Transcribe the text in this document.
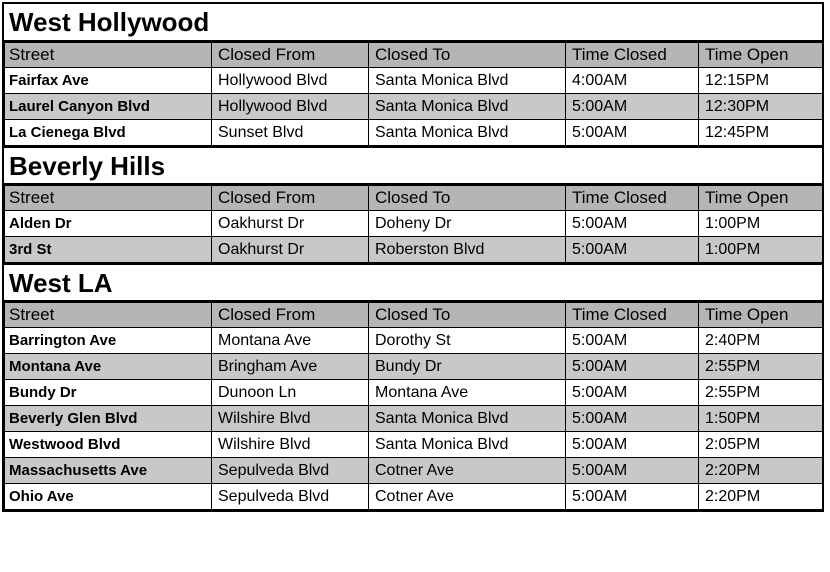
West Hollywood
Street	Closed From	Closed To	Time Closed	Time Open
Fairfax Ave	Hollywood Blvd	Santa Monica Blvd	4:00AM	12:15PM
Laurel Canyon Blvd	Hollywood Blvd	Santa Monica Blvd	5:00AM	12:30PM
La Cienega Blvd	Sunset Blvd	Santa Monica Blvd	5:00AM	12:45PM
Beverly Hills
Street	Closed From	Closed To	Time Closed	Time Open
Alden Dr	Oakhurst Dr	Doheny Dr	5:00AM	1:00PM
3rd St	Oakhurst Dr	Roberston Blvd	5:00AM	1:00PM
West LA
Street	Closed From	Closed To	Time Closed	Time Open
Barrington Ave	Montana Ave	Dorothy St	5:00AM	2:40PM
Montana Ave	Bringham Ave	Bundy Dr	5:00AM	2:55PM
Bundy Dr	Dunoon Ln	Montana Ave	5:00AM	2:55PM
Beverly Glen Blvd	Wilshire Blvd	Santa Monica Blvd	5:00AM	1:50PM
Westwood Blvd	Wilshire Blvd	Santa Monica Blvd	5:00AM	2:05PM
Massachusetts Ave	Sepulveda Blvd	Cotner Ave	5:00AM	2:20PM
Ohio Ave	Sepulveda Blvd	Cotner Ave	5:00AM	2:20PM
